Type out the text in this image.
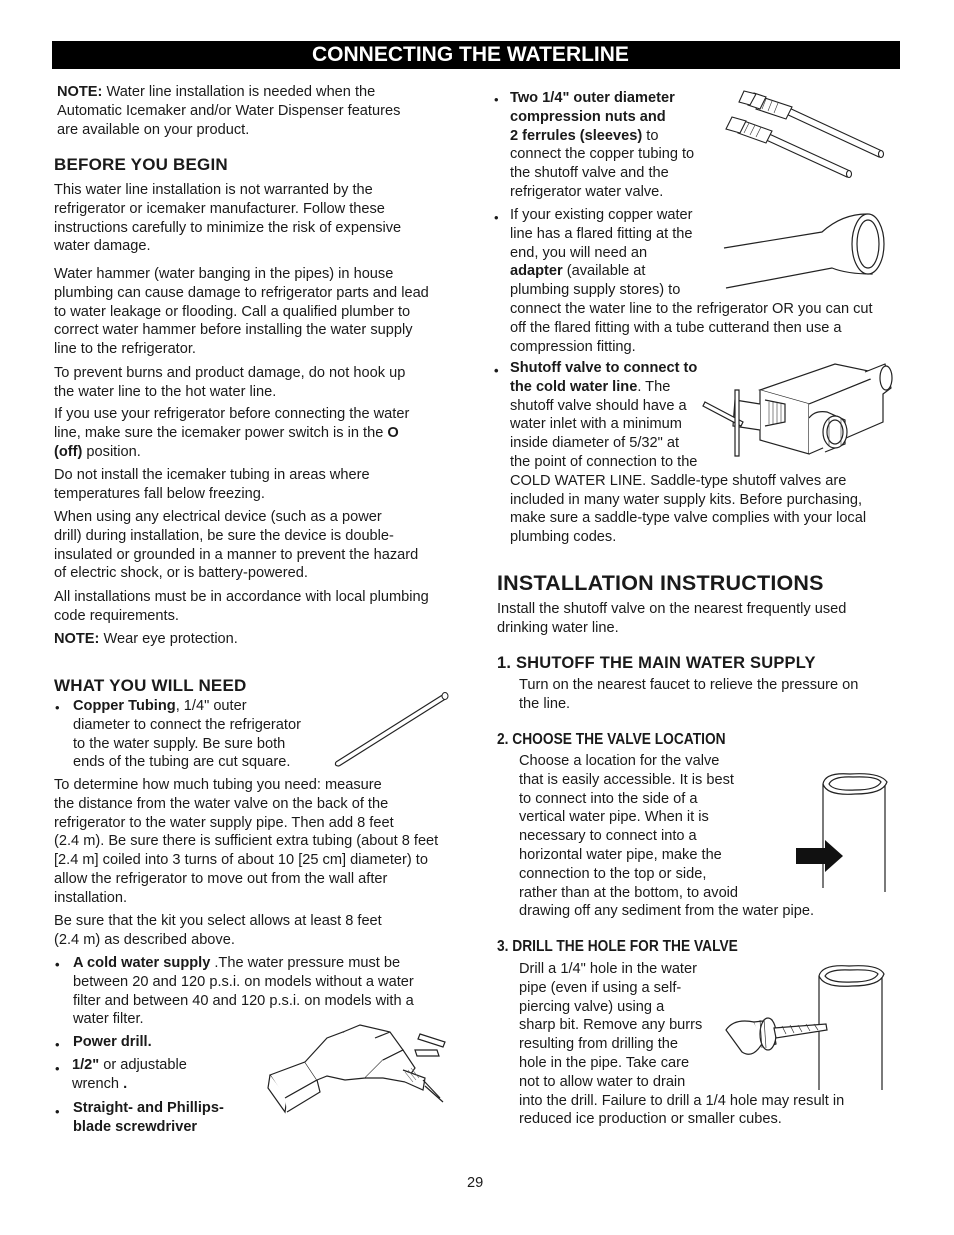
CONNECTING THE WATERLINE
NOTE: Water line installation is needed when the
Automatic Icemaker and/or Water Dispenser features
are available on your product.
BEFORE YOU BEGIN
This water line installation is not warranted by the
refrigerator or icemaker manufacturer. Follow these
instructions carefully to minimize the risk of expensive
water damage.
Water hammer (water banging in the pipes) in house
plumbing can cause damage to refrigerator parts and lead
to water leakage or flooding. Call a qualified plumber to
correct water hammer before installing the water supply
line to the refrigerator.
To prevent burns and product damage, do not hook up
the water line to the hot water line.
If you use your refrigerator before connecting the water
line, make sure the icemaker power switch is in the O
(off) position.
Do not install the icemaker tubing in areas where
temperatures fall below freezing.
When using any electrical device (such as a power
drill) during installation, be sure the device is double-
insulated or grounded in a manner to prevent the hazard
of electric shock, or is battery-powered.
All installations must be in accordance with local plumbing
code requirements.
NOTE: Wear eye protection.
WHAT YOU WILL NEED
• Copper Tubing, 1/4" outer
diameter to connect the refrigerator
to the water supply. Be sure both
ends of the tubing are cut square.
To determine how much tubing you need: measure
the distance from the water valve on the back of the
refrigerator to the water supply pipe. Then add 8 feet
(2.4 m). Be sure there is sufficient extra tubing (about 8 feet
[2.4 m] coiled into 3 turns of about 10 [25 cm] diameter) to
allow the refrigerator to move out from the wall after
installation.
Be sure that the kit you select allows at least 8 feet
(2.4 m) as described above.
• A cold water supply .The water pressure must be
between 20 and 120 p.s.i. on models without a water
filter and between 40 and 120 p.s.i. on models with a
water filter.
• Power drill.
• 1/2" or adjustable
wrench .
• Straight- and Phillips-
blade screwdriver
• Two 1/4" outer diameter
compression nuts and
2 ferrules (sleeves) to
connect the copper tubing to
the shutoff valve and the
refrigerator water valve.
• If your existing copper water
line has a flared fitting at the
end, you will need an
adapter (available at
plumbing supply stores) to
connect the water line to the refrigerator OR you can cut
off the flared fitting with a tube cutterand then use a
compression fitting.
• Shutoff valve to connect to
the cold water line. The
shutoff valve should have a
water inlet with a minimum
inside diameter of 5/32" at
the point of connection to the
COLD WATER LINE. Saddle-type shutoff valves are
included in many water supply kits. Before purchasing,
make sure a saddle-type valve complies with your local
plumbing codes.
INSTALLATION INSTRUCTIONS
Install the shutoff valve on the nearest frequently used
drinking water line.
1. SHUTOFF THE MAIN WATER SUPPLY
Turn on the nearest faucet to relieve the pressure on
the line.
2. CHOOSE THE VALVE LOCATION
Choose a location for the valve
that is easily accessible. It is best
to connect into the side of a
vertical water pipe. When it is
necessary to connect into a
horizontal water pipe, make the
connection to the top or side,
rather than at the bottom, to avoid
drawing off any sediment from the water pipe.
3. DRILL THE HOLE FOR THE VALVE
Drill a 1/4" hole in the water
pipe (even if using a self-
piercing valve) using a
sharp bit. Remove any burrs
resulting from drilling the
hole in the pipe. Take care
not to allow water to drain
into the drill. Failure to drill a 1/4 hole may result in
reduced ice production or smaller cubes.
29
